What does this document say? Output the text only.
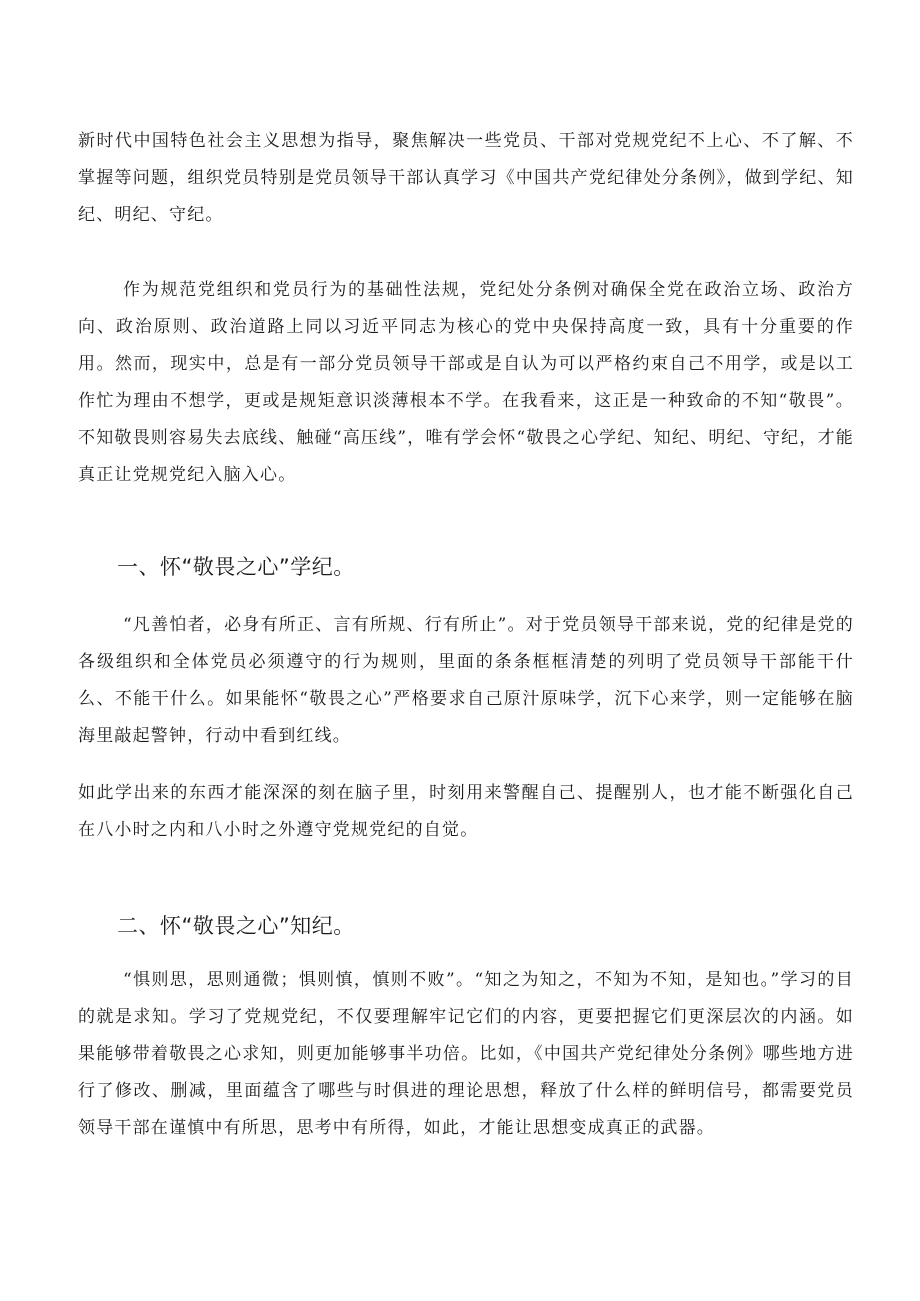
新时代中国特色社会主义思想为指导，聚焦解决一些党员、干部对党规党纪不上心、不了解、不掌握等问题，组织党员特别是党员领导干部认真学习《中国共产党纪律处分条例》，做到学纪、知纪、明纪、守纪。

作为规范党组织和党员行为的基础性法规，党纪处分条例对确保全党在政治立场、政治方向、政治原则、政治道路上同以习近平同志为核心的党中央保持高度一致，具有十分重要的作用。然而，现实中，总是有一部分党员领导干部或是自认为可以严格约束自己不用学，或是以工作忙为理由不想学，更或是规矩意识淡薄根本不学。在我看来，这正是一种致命的不知“敬畏”。不知敬畏则容易失去底线、触碰“高压线”，唯有学会怀“敬畏之心学纪、知纪、明纪、守纪，才能真正让党规党纪入脑入心。

一、怀“敬畏之心”学纪。

“凡善怕者，必身有所正、言有所规、行有所止”。对于党员领导干部来说，党的纪律是党的各级组织和全体党员必须遵守的行为规则，里面的条条框框清楚的列明了党员领导干部能干什么、不能干什么。如果能怀“敬畏之心”严格要求自己原汁原味学，沉下心来学，则一定能够在脑海里敲起警钟，行动中看到红线。

如此学出来的东西才能深深的刻在脑子里，时刻用来警醒自己、提醒别人，也才能不断强化自己在八小时之内和八小时之外遵守党规党纪的自觉。

二、怀“敬畏之心”知纪。

“惧则思，思则通微；惧则慎，慎则不败”。“知之为知之，不知为不知，是知也。”学习的目的就是求知。学习了党规党纪，不仅要理解牢记它们的内容，更要把握它们更深层次的内涵。如果能够带着敬畏之心求知，则更加能够事半功倍。比如，《中国共产党纪律处分条例》哪些地方进行了修改、删减，里面蕴含了哪些与时俱进的理论思想，释放了什么样的鲜明信号，都需要党员领导干部在谨慎中有所思，思考中有所得，如此，才能让思想变成真正的武器。
